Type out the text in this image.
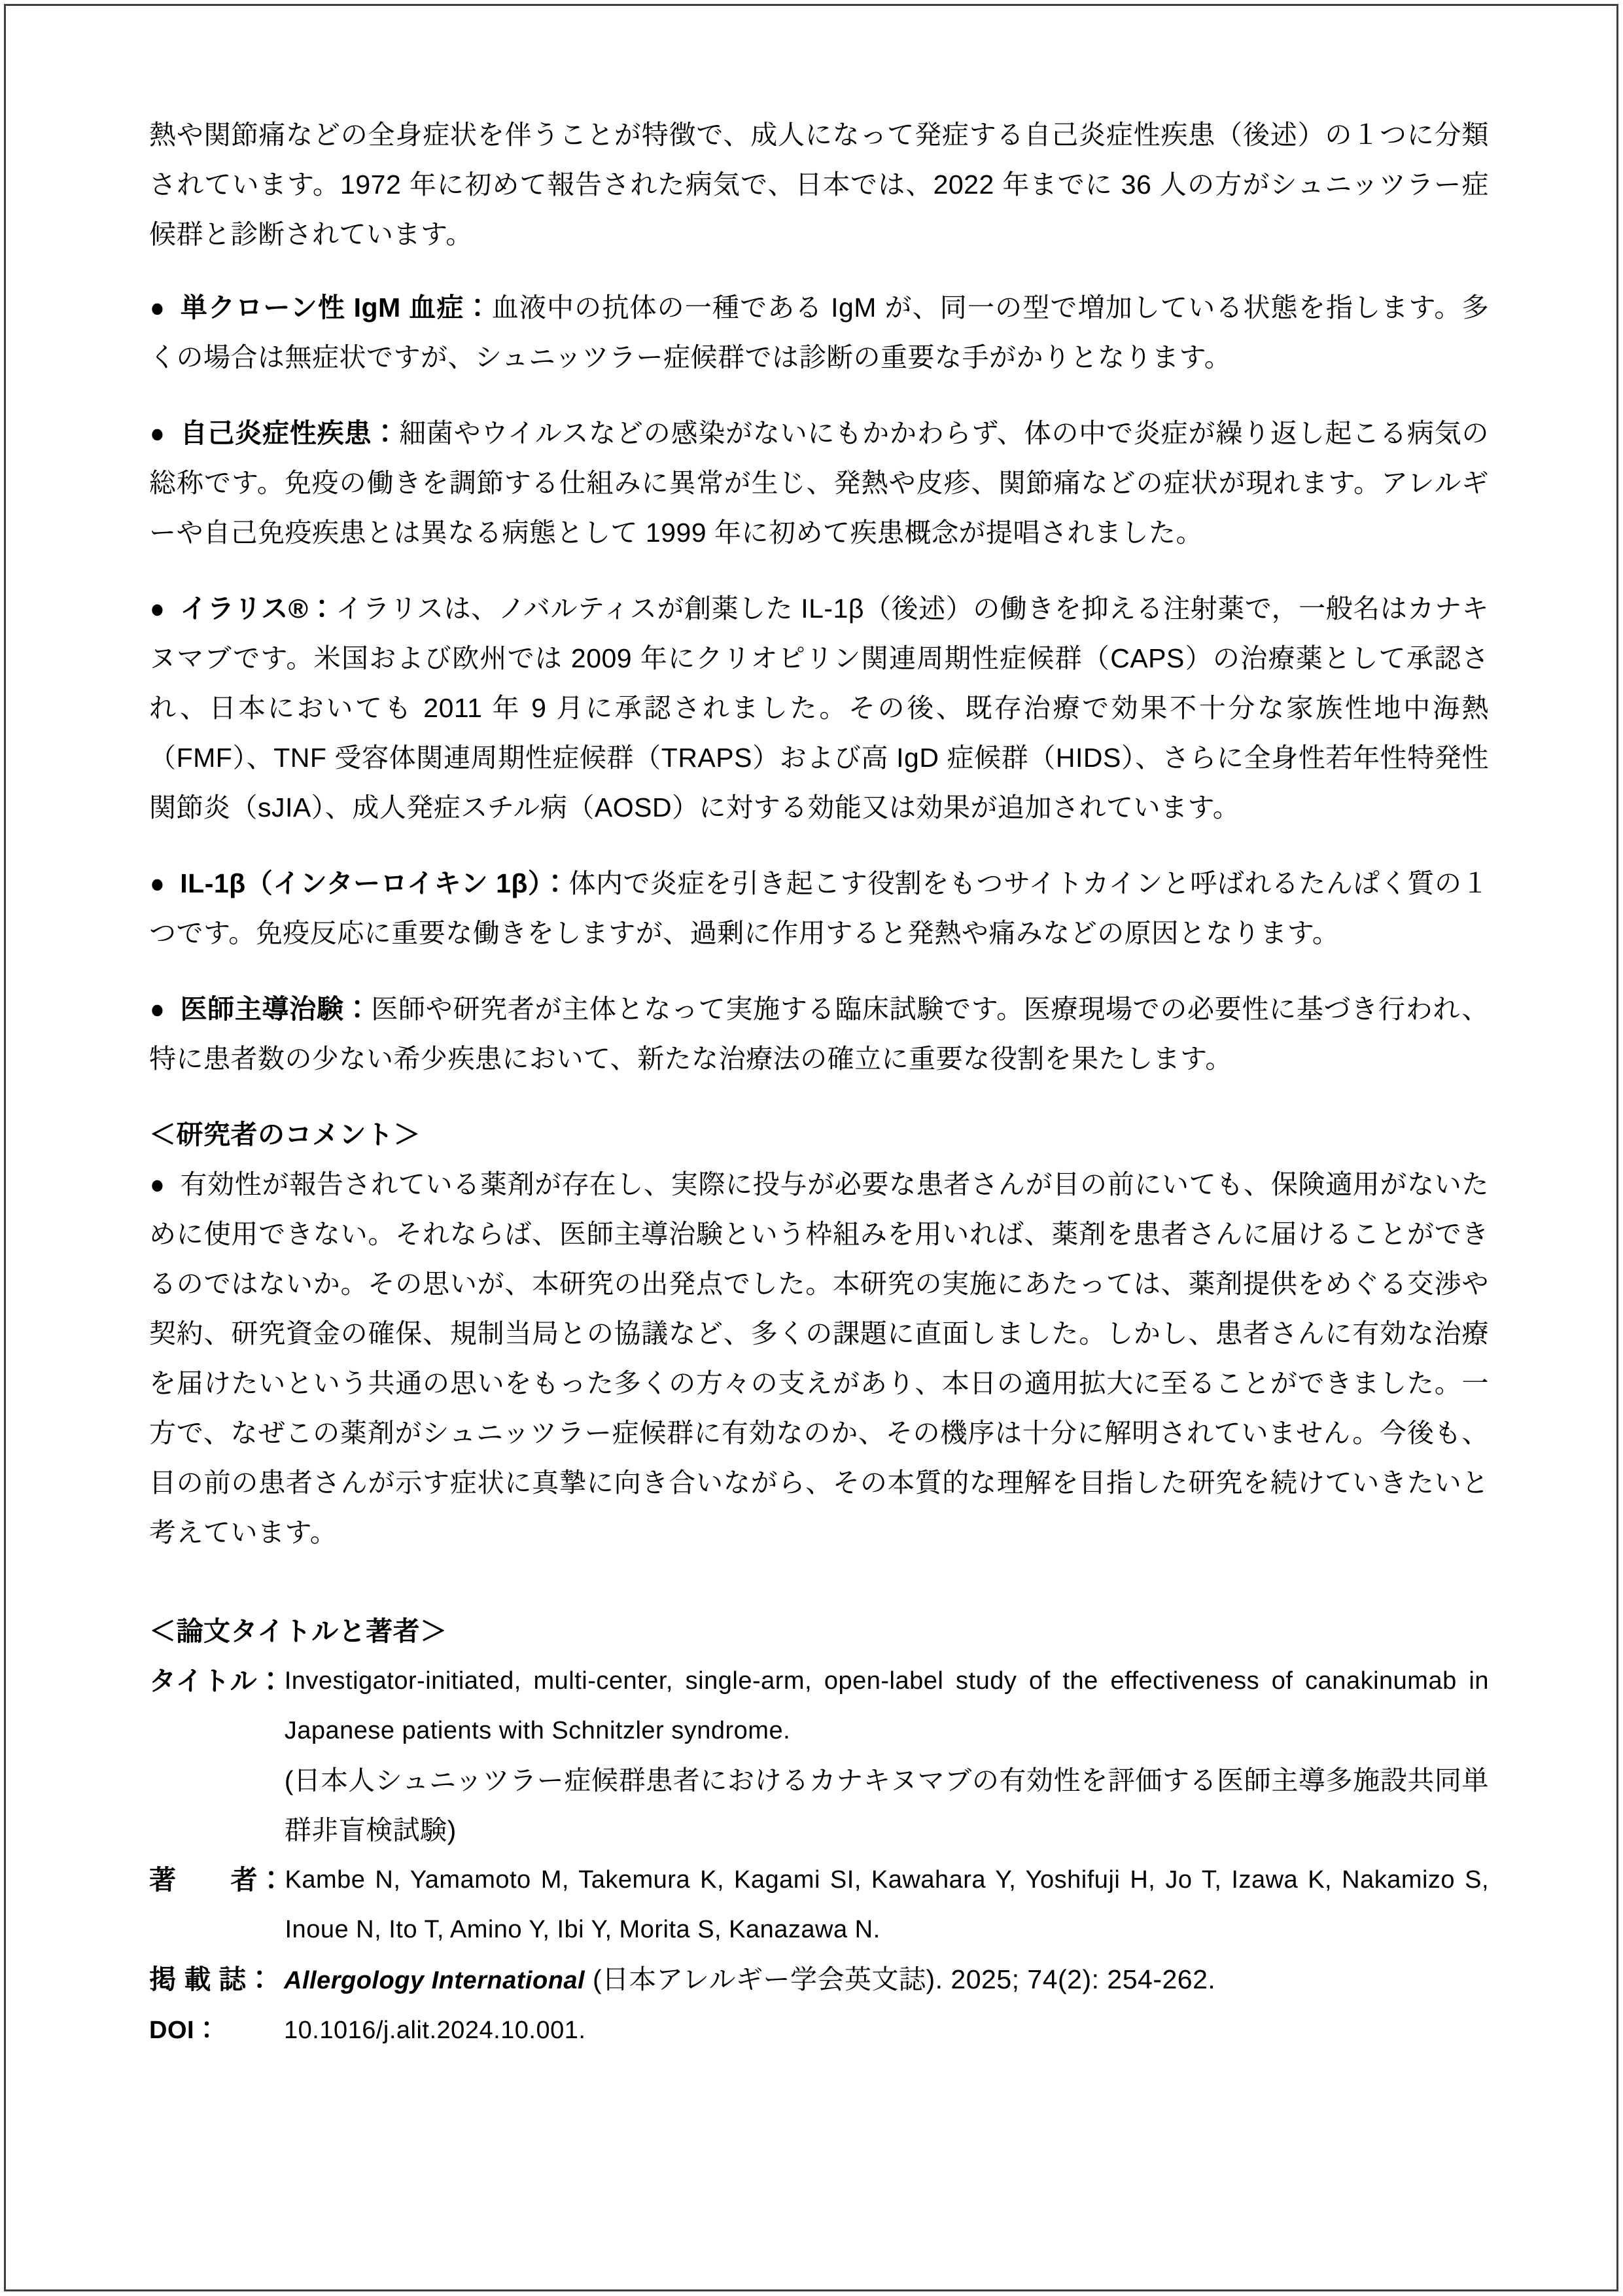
熱や関節痛などの全身症状を伴うことが特徴で、成人になって発症する自己炎症性疾患（後述）の１つに分類されています。1972 年に初めて報告された病気で、日本では、2022 年までに 36 人の方がシュニッツラー症候群と診断されています。

● 単クローン性 IgM 血症：血液中の抗体の一種である IgM が、同一の型で増加している状態を指します。多くの場合は無症状ですが、シュニッツラー症候群では診断の重要な手がかりとなります。

● 自己炎症性疾患：細菌やウイルスなどの感染がないにもかかわらず、体の中で炎症が繰り返し起こる病気の総称です。免疫の働きを調節する仕組みに異常が生じ、発熱や皮疹、関節痛などの症状が現れます。アレルギーや自己免疫疾患とは異なる病態として 1999 年に初めて疾患概念が提唱されました。

● イラリス®：イラリスは、ノバルティスが創薬した IL-1β（後述）の働きを抑える注射薬で，一般名はカナキヌマブです。米国および欧州では 2009 年にクリオピリン関連周期性症候群（CAPS）の治療薬として承認され、日本においても 2011 年 9 月に承認されました。その後、既存治療で効果不十分な家族性地中海熱（FMF）、TNF 受容体関連周期性症候群（TRAPS）および高 IgD 症候群（HIDS）、さらに全身性若年性特発性関節炎（sJIA）、成人発症スチル病（AOSD）に対する効能又は効果が追加されています。

● IL-1β（インターロイキン 1β）：体内で炎症を引き起こす役割をもつサイトカインと呼ばれるたんぱく質の１つです。免疫反応に重要な働きをしますが、過剰に作用すると発熱や痛みなどの原因となります。

● 医師主導治験：医師や研究者が主体となって実施する臨床試験です。医療現場での必要性に基づき行われ、特に患者数の少ない希少疾患において、新たな治療法の確立に重要な役割を果たします。

＜研究者のコメント＞

● 有効性が報告されている薬剤が存在し、実際に投与が必要な患者さんが目の前にいても、保険適用がないために使用できない。それならば、医師主導治験という枠組みを用いれば、薬剤を患者さんに届けることができるのではないか。その思いが、本研究の出発点でした。本研究の実施にあたっては、薬剤提供をめぐる交渉や契約、研究資金の確保、規制当局との協議など、多くの課題に直面しました。しかし、患者さんに有効な治療を届けたいという共通の思いをもった多くの方々の支えがあり、本日の適用拡大に至ることができました。一方で、なぜこの薬剤がシュニッツラー症候群に有効なのか、その機序は十分に解明されていません。今後も、目の前の患者さんが示す症状に真摯に向き合いながら、その本質的な理解を目指した研究を続けていきたいと考えています。

＜論文タイトルと著者＞

タイトル： Investigator-initiated, multi-center, single-arm, open-label study of the effectiveness of canakinumab in Japanese patients with Schnitzler syndrome.
(日本人シュニッツラー症候群患者におけるカナキヌマブの有効性を評価する医師主導多施設共同単群非盲検試験)
著　　者： Kambe N, Yamamoto M, Takemura K, Kagami SI, Kawahara Y, Yoshifuji H, Jo T, Izawa K, Nakamizo S, Inoue N, Ito T, Amino Y, Ibi Y, Morita S, Kanazawa N.
掲 載 誌： Allergology International (日本アレルギー学会英文誌). 2025; 74(2): 254-262.
DOI：	10.1016/j.alit.2024.10.001.
